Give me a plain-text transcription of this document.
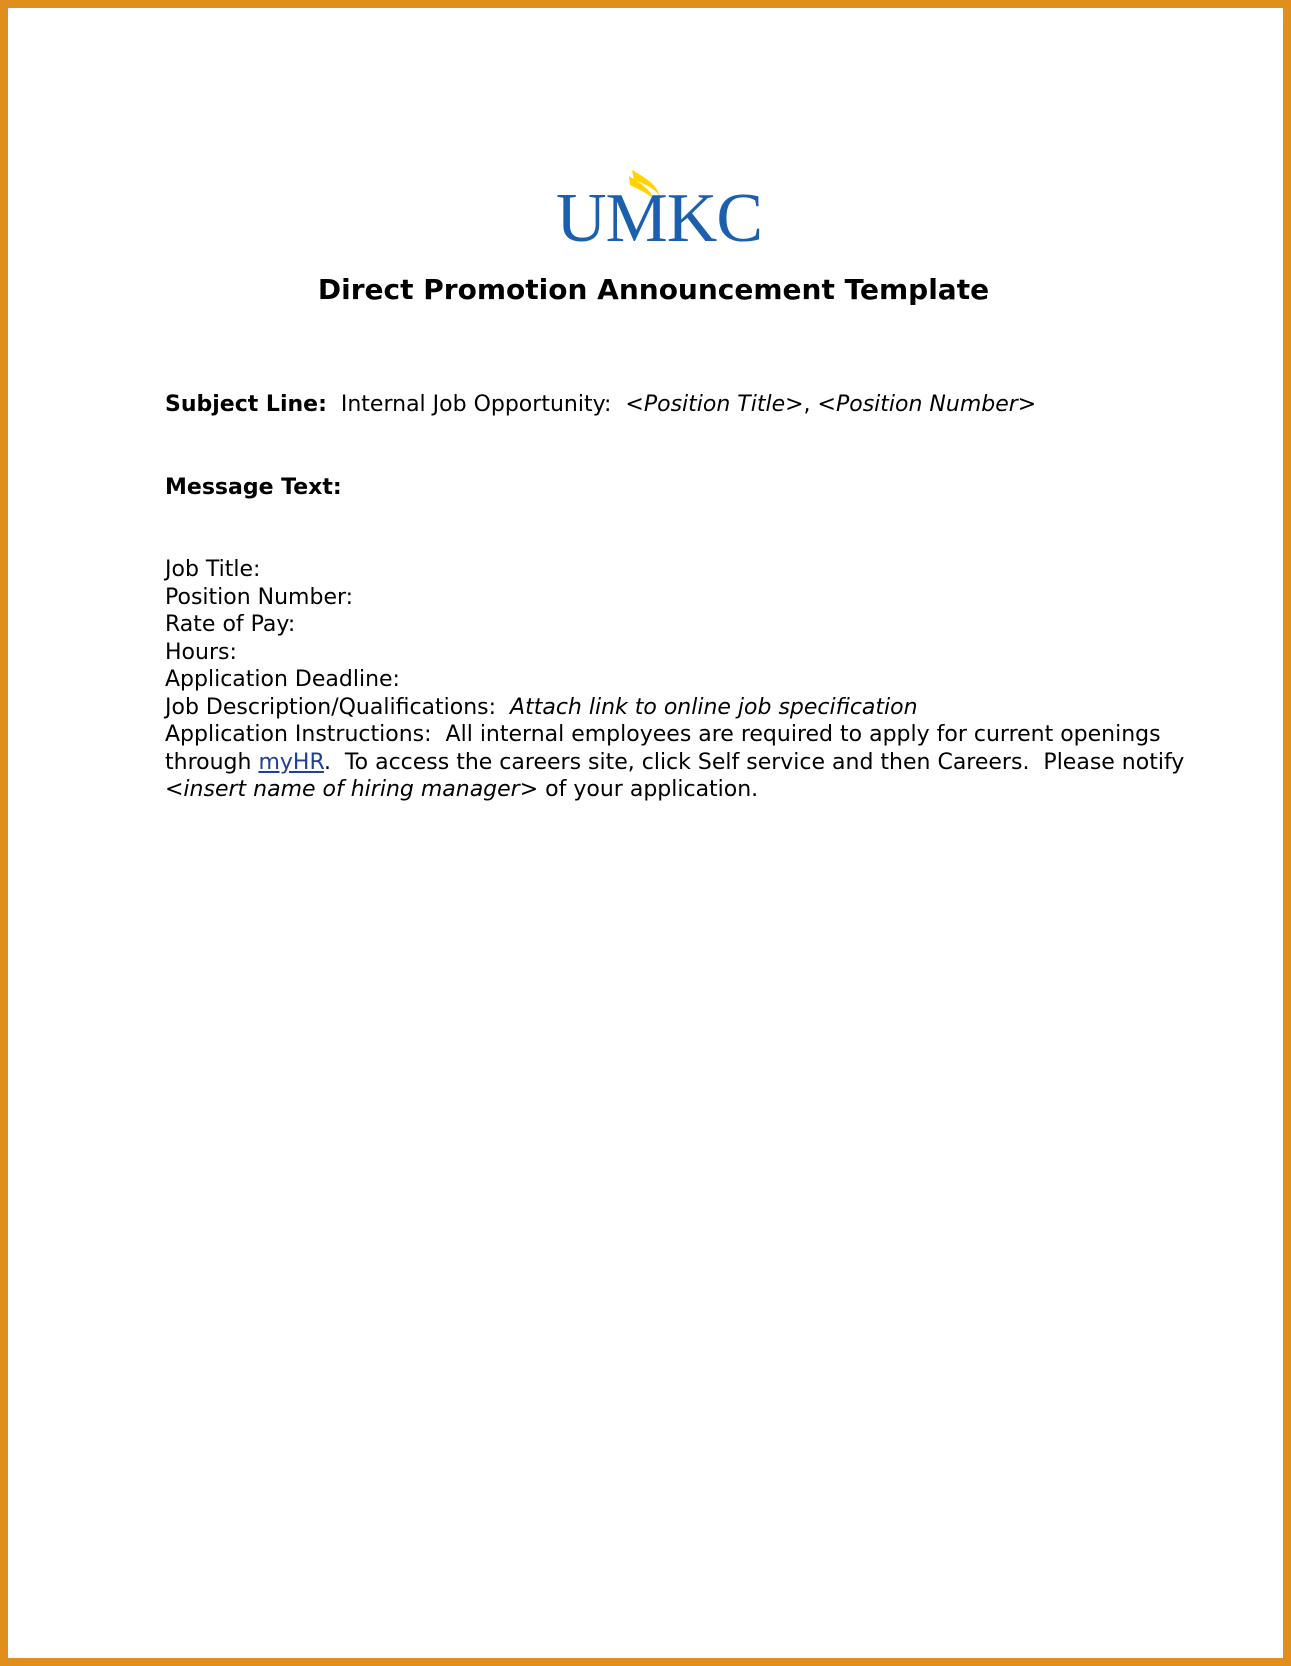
UMKC
Direct Promotion Announcement Template
Subject Line: Internal Job Opportunity: <Position Title>, <Position Number>
Message Text:
Job Title:
Position Number:
Rate of Pay:
Hours:
Application Deadline:
Job Description/Qualifications: Attach link to online job specification
Application Instructions: All internal employees are required to apply for current openings
through myHR.  To access the careers site, click Self service and then Careers.  Please notify
<insert name of hiring manager> of your application.
